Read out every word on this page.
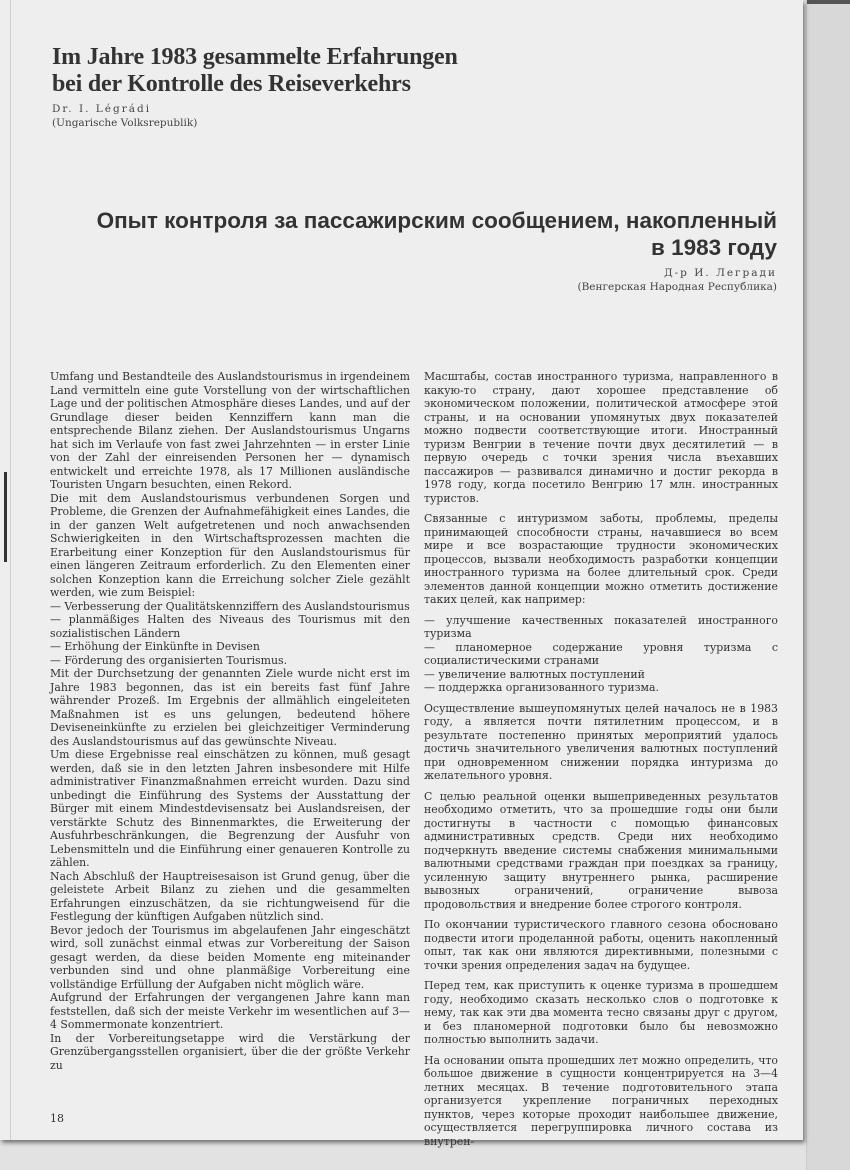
Im Jahre 1983 gesammelte Erfahrungen
bei der Kontrolle des Reiseverkehrs
Dr. I. Légrádi
(Ungarische Volksrepublik)
Опыт контроля за пассажирским сообщением, накопленный
в 1983 году
Д-р И. Легради
(Венгерская Народная Республика)

Umfang und Bestandteile des Auslandstourismus in irgendeinem Land vermitteln eine gute Vorstellung von der wirtschaftlichen Lage und der politischen Atmosphäre dieses Landes, und auf der Grundlage dieser beiden Kennziffern kann man die entsprechende Bilanz ziehen. Der Auslandstourismus Ungarns hat sich im Verlaufe von fast zwei Jahrzehnten — in erster Linie von der Zahl der einreisenden Personen her — dynamisch entwickelt und erreichte 1978, als 17 Millionen ausländische Touristen Ungarn besuchten, einen Rekord.

Die mit dem Auslandstourismus verbundenen Sorgen und Probleme, die Grenzen der Aufnahmefähigkeit eines Landes, die in der ganzen Welt aufgetretenen und noch anwachsenden Schwierigkeiten in den Wirtschaftsprozessen machten die Erarbeitung einer Konzeption für den Auslandstourismus für einen längeren Zeitraum erforderlich. Zu den Elementen einer solchen Konzeption kann die Erreichung solcher Ziele gezählt werden, wie zum Beispiel:

— Verbesserung der Qualitätskennziffern des Auslandstourismus

— planmäßiges Halten des Niveaus des Tourismus mit den sozialistischen Ländern

— Erhöhung der Einkünfte in Devisen

— Förderung des organisierten Tourismus.

Mit der Durchsetzung der genannten Ziele wurde nicht erst im Jahre 1983 begonnen, das ist ein bereits fast fünf Jahre währender Prozeß. Im Ergebnis der allmählich eingeleiteten Maßnahmen ist es uns gelungen, bedeutend höhere Deviseneinkünfte zu erzielen bei gleichzeitiger Verminderung des Auslandstourismus auf das gewünschte Niveau.

Um diese Ergebnisse real einschätzen zu können, muß gesagt werden, daß sie in den letzten Jahren insbesondere mit Hilfe administrativer Finanzmaßnahmen erreicht wurden. Dazu sind unbedingt die Einführung des Systems der Ausstattung der Bürger mit einem Mindestdevisensatz bei Auslandsreisen, der verstärkte Schutz des Binnenmarktes, die Erweiterung der Ausfuhrbeschränkungen, die Begrenzung der Ausfuhr von Lebensmitteln und die Einführung einer genaueren Kontrolle zu zählen.

Nach Abschluß der Hauptreisesaison ist Grund genug, über die geleistete Arbeit Bilanz zu ziehen und die gesammelten Erfahrungen einzuschätzen, da sie richtungweisend für die Festlegung der künftigen Aufgaben nützlich sind.

Bevor jedoch der Tourismus im abgelaufenen Jahr eingeschätzt wird, soll zunächst einmal etwas zur Vorbereitung der Saison gesagt werden, da diese beiden Momente eng miteinander verbunden sind und ohne planmäßige Vorbereitung eine vollständige Erfüllung der Aufgaben nicht möglich wäre.

Aufgrund der Erfahrungen der vergangenen Jahre kann man feststellen, daß sich der meiste Verkehr im wesentlichen auf 3—4 Sommermonate konzentriert.

In der Vorbereitungsetappe wird die Verstärkung der Grenzübergangsstellen organisiert, über die der größte Verkehr zu

Масштабы, состав иностранного туризма, направленного в какую-то страну, дают хорошее представление об экономическом положении, политической атмосфере этой страны, и на основании упомянутых двух показателей можно подвести соответствующие итоги. Иностранный туризм Венгрии в течение почти двух десятилетий — в первую очередь с точки зрения числа въехавших пассажиров — развивался динамично и достиг рекорда в 1978 году, когда посетило Венгрию 17 млн. иностранных туристов.

Связанные с интуризмом заботы, проблемы, пределы принимающей способности страны, начавшиеся во всем мире и все возрастающие трудности экономических процессов, вызвали необходимость разработки концепции иностранного туризма на более длительный срок. Среди элементов данной концепции можно отметить достижение таких целей, как например:

— улучшение качественных показателей иностранного туризма

— планомерное содержание уровня туризма с социалистическими странами

— увеличение валютных поступлений

— поддержка организованного туризма.

Осуществление вышеупомянутых целей началось не в 1983 году, а является почти пятилетним процессом, и в результате постепенно принятых мероприятий удалось достичь значительного увеличения валютных поступлений при одновременном снижении порядка интуризма до желательного уровня.

С целью реальной оценки вышеприведенных результатов необходимо отметить, что за прошедшие годы они были достигнуты в частности с помощью финансовых административных средств. Среди них необходимо подчеркнуть введение системы снабжения минимальными валютными средствами граждан при поездках за границу, усиленную защиту внутреннего рынка, расширение вывозных ограничений, ограничение вывоза продовольствия и внедрение более строгого контроля.

По окончании туристического главного сезона обосновано подвести итоги проделанной работы, оценить накопленный опыт, так как они являются директивными, полезными с точки зрения определения задач на будущее.

Перед тем, как приступить к оценке туризма в прошедшем году, необходимо сказать несколько слов о подготовке к нему, так как эти два момента тесно связаны друг с другом, и без планомерной подготовки было бы невозможно полностью выполнить задачи.

На основании опыта прошедших лет можно определить, что большое движение в сущности концентрируется на 3—4 летних месяцах. В течение подготовительного этапа организуется укрепление пограничных переходных пунктов, через которые проходит наибольшее движение, осуществляется перегруппировка личного состава из внутрен-

18
